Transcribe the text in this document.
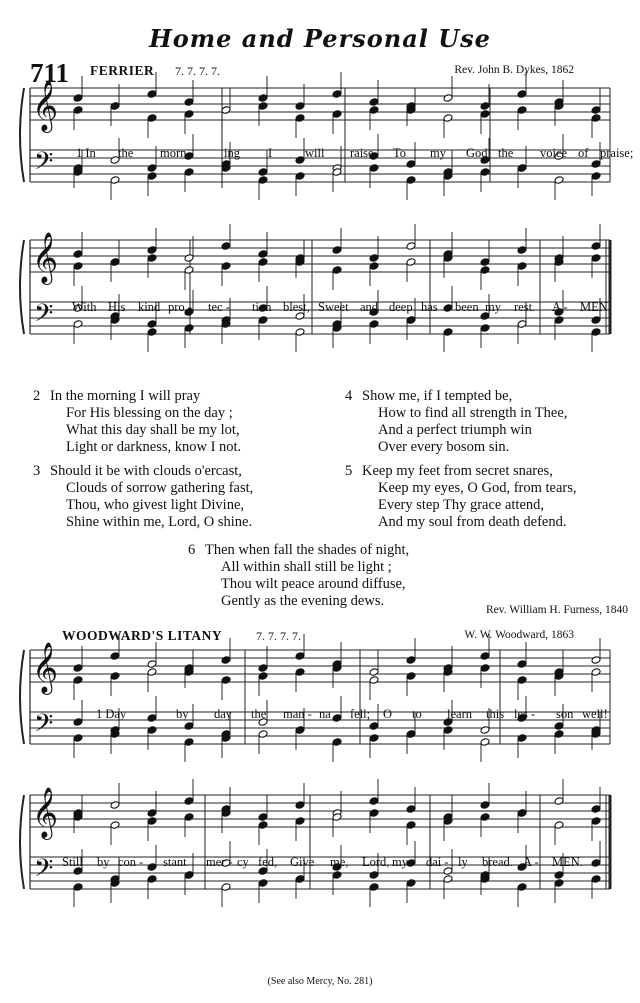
Home and Personal Use
711 FERRIER 7. 7. 7. 7.	Rev. John B. Dykes, 1862
𝄞
𝄢
𝄞
𝄢
𝄞
𝄢
𝄞
𝄢
1 In the morn - ing I	will raise To my God the voice of praise;
With His kind pro - tec - tion blest, Sweet and deep has been my rest. A - MEN.
2 In the morning I will pray
For His blessing on the day ;
What this day shall be my lot,
Light or darkness, know I not.
3 Should it be with clouds o'ercast,
Clouds of sorrow gathering fast,
Thou, who givest light Divine,
Shine within me, Lord, O shine.
4 Show me, if I tempted be,
How to find all strength in Thee,
And a perfect triumph win
Over every bosom sin.
5 Keep my feet from secret snares,
Keep my eyes, O God, from tears,
Every step Thy grace attend,
And my soul from death defend.
6 Then when fall the shades of night,
All within shall still be light ;
Thou wilt peace around diffuse,
Gently as the evening dews.
Rev. William H. Furness, 1840
WOODWARD'S LITANY	7. 7. 7. 7.	W. W. Woodward, 1863
1 Day	by day the man - na fell; O to learn this les - son well!
Still by con - stant mer - cy fed, Give me, Lord, my dai - ly bread. A - MEN.
(See also Mercy, No. 281)
